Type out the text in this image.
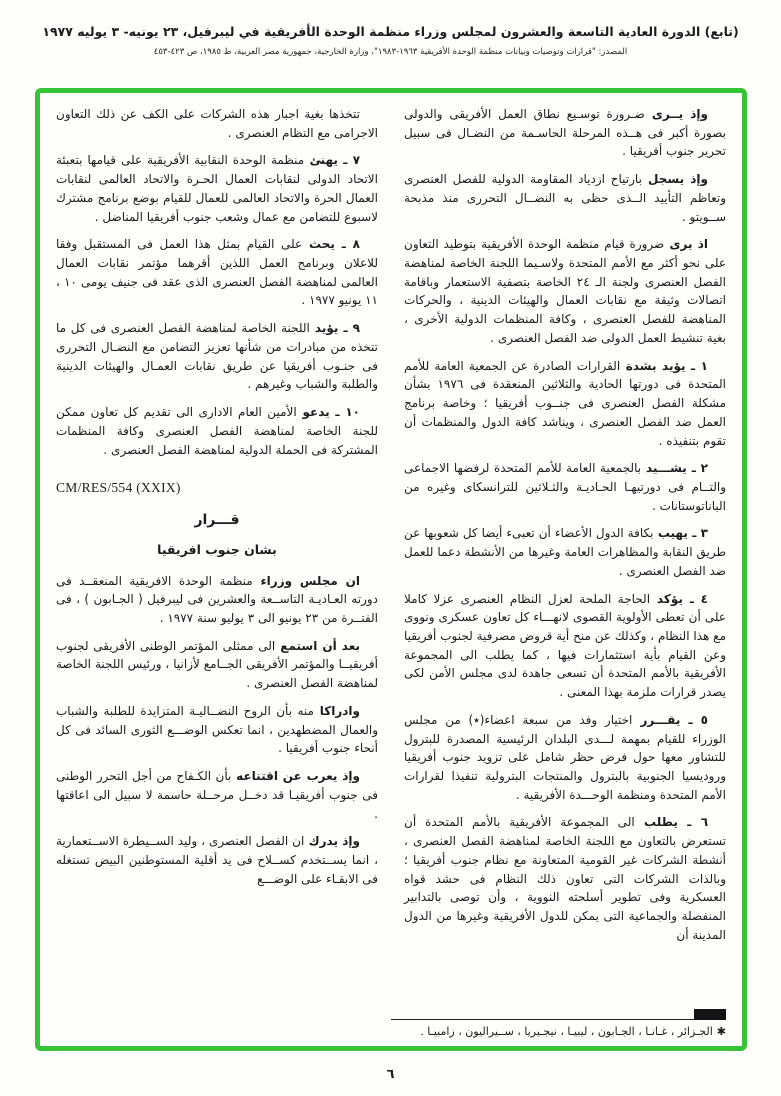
(تابع) الدورة العادية التاسعة والعشرون لمجلس وزراء منظمة الوحدة الأفريقية في ليبرفيل، ٢٣ يونيه- ٣ يوليه ١٩٧٧
المصدر: "قرارات وتوصيات وبيانات منظمة الوحدة الأفريقية ١٩٦٣-١٩٨٣"، وزارة الخارجية، جمهورية مصر العربية، ط ١٩٨٥، ص ٤٢٣-٤٥٣

وإذ يــرى ضـرورة توسـيع نطاق العمل الأفريقى والدولى بصورة أكبر فى هــذه المرحلة الحاسـمة من النضـال فى سبيل تحرير جنوب أفريقيا .

وإذ يسجل بارتياح ازدياد المقاومة الدولية للفصل العنصرى وتعاظم التأييد الــذى حظى به النضــال التحررى منذ مذبحة ســويتو .

اذ يرى ضرورة قيام منظمة الوحدة الأفريقية بتوطيد التعاون على نحو أكثر مع الأمم المتحدة ولاسـيما اللجنة الخاصة لمناهضة الفصل العنصرى ولجنة الـ ٢٤ الخاصة بتصفية الاستعمار وباقامة اتصالات وثيقة مع نقابات العمال والهيئات الدينية ، والحركات المناهضة للفصل العنصرى ، وكافة المنظمات الدولية الأخرى ، بغية تنشيط العمل الدولى ضد الفصل العنصرى .

١ ـ يؤيد بشدة القرارات الصادرة عن الجمعية العامة للأمم المتحدة فى دورتها الحادية والثلاثين المنعقدة فى ١٩٧٦ بشأن مشكلة الفصل العنصرى فى جنــوب أفريقيا ؛ وخاصة برنامج العمل ضد الفصل العنصرى ، ويناشد كافة الدول والمنظمات أن تقوم بتنفيذه .

٢ ـ يشـــيد بالجمعية العامة للأمم المتحدة لرفضها الاجماعى والتــام فى دورتيهـا الحـاديـة والثـلاثين للترانسكاى وغيره من الباناتوستانات .

٣ ـ يهيب بكافة الدول الأعضاء أن تعبىء أيضا كل شعوبها عن طريق النقابة والمظاهرات العامة وغيرها من الأنشطة دعما للعمل ضد الفصل العنصرى .

٤ ـ يؤكد الحاجة الملحة لعزل النظام العنصرى عزلا كاملا على أن تعطى الأولوية القصوى لانهـــاء كل تعاون عسكرى ونووى مع هذا النظام ، وكذلك عن منح أية قروض مصرفية لجنوب أفريقيا وعن القيام بأية استثمارات فيها ، كما يطلب الى المجموعة الأفريقية بالأمم المتحدة أن تسعى جاهدة لدى مجلس الأمن لكى يصدر قرارات ملزمة بهذا المعنى .

٥ ـ يقـــرر اختيار وفد من سبعة اعضاء(٭) من مجلس الوزراء للقيام بمهمة لـــدى البلدان الرئيسية المصدرة للبترول للتشاور معها حول فرض حظر شامل على تزويد جنوب أفريقيا وروديسيا الجنوبية بالبترول والمنتجات البترولية تنفيذا لقرارات الأمم المتحدة ومنظمة الوحـــدة الأفريقية .

٦ ـ يطلب الى المجموعة الأفريقية بالأمم المتحدة أن تستعرض بالتعاون مع اللجنة الخاصة لمناهضة الفصل العنصرى ، أنشطة الشركات غير القومية المتعاونة مع نظام جنوب أفريقيا ؛ وبالذات الشركات التى تعاون ذلك النظام فى حشد قواه العسكرية وفى تطوير أسلحته النووية ، وأن توصى بالتدابير المنفصلة والجماعية التى يمكن للدول الأفريقية وغيرها من الدول المدينة أن

تتخذها بغية اجبار هذه الشركات على الكف عن ذلك التعاون الاجرامى مع النظام العنصرى .

٧ ـ يهنئ منظمة الوحدة النقابية الأفريقية على قيامها بتعبئة الاتحاد الدولى لنقابات العمال الحـرة والاتحاد العالمى لنقابات العمال الحرة والاتحاد العالمى للعمال للقيام بوضع برنامج مشترك لاسبوع للتضامن مع عمال وشعب جنوب أفريقيا المناضل .

٨ ـ يحث على القيام بمثل هذا العمل فى المستقبل وفقا للاعلان وبرنامج العمل اللذين أقرهما مؤتمر نقابات العمال العالمى لمناهضة الفصل العنصرى الذى عقد فى جنيف يومى ١٠ ، ١١ يونيو ١٩٧٧ .

٩ ـ يؤيد اللجنة الخاصة لمناهضة الفصل العنصرى فى كل ما تتخذه من مبادرات من شأنها تعزيز التضامن مع النضـال التحررى فى جنـوب أفريقيا عن طريق نقابات العمـال والهيئات الدينية والطلبة والشباب وغيرهم .

١٠ ـ يدعو الأمين العام الادارى الى تقديم كل تعاون ممكن للجنة الخاصة لمناهضة الفصل العنصرى وكافة المنظمات المشتركة فى الحملة الدولية لمناهضة الفصل العنصرى .

CM/RES/554 (XXIX)
قـــرار
بشان جنوب افريقيا

ان مجلس وزراء منظمة الوحدة الافريقية المنعقــد فى دورته العـاديـة التاســعة والعشرين فى ليبرفيل ( الجـابون ) ، فى الفتــرة من ٢٣ يونيو الى ٣ يوليو سنة ١٩٧٧ .

بعد أن استمع الى ممثلى المؤتمر الوطنى الأفريقى لجنوب أفريقيــا والمؤتمر الأفريقى الجــامع لأزانيا ، ورئيس اللجنة الخاصة لمناهضة الفصل العنصرى .

وادراكا منه بأن الروح النضــاليـة المتزايدة للطلبة والشباب والعمال المضطهدين ، انما تعكس الوضـــع الثورى السائد فى كل أنحاء جنوب أفريقيا .

وإذ يعرب عن اقتناعه بأن الكـفاح من أجل التحرر الوطنى فى جنوب أفريقيـا قد دخــل مرحــلة حاسمة لا سبيل الى اعاقتها .

وإذ يدرك ان الفصل العنصرى ، وليد الســيطرة الاســتعمارية ، انما يســتخدم كســلاح فى يد أقلية المستوطنين البيض تستغله فى الابقـاء على الوضـــع

✱الجـزائر ، غـانـا ، الجـابون ، ليبيـا ، نيجـيريا ، ســيراليون ، زامبيـا .
٦
